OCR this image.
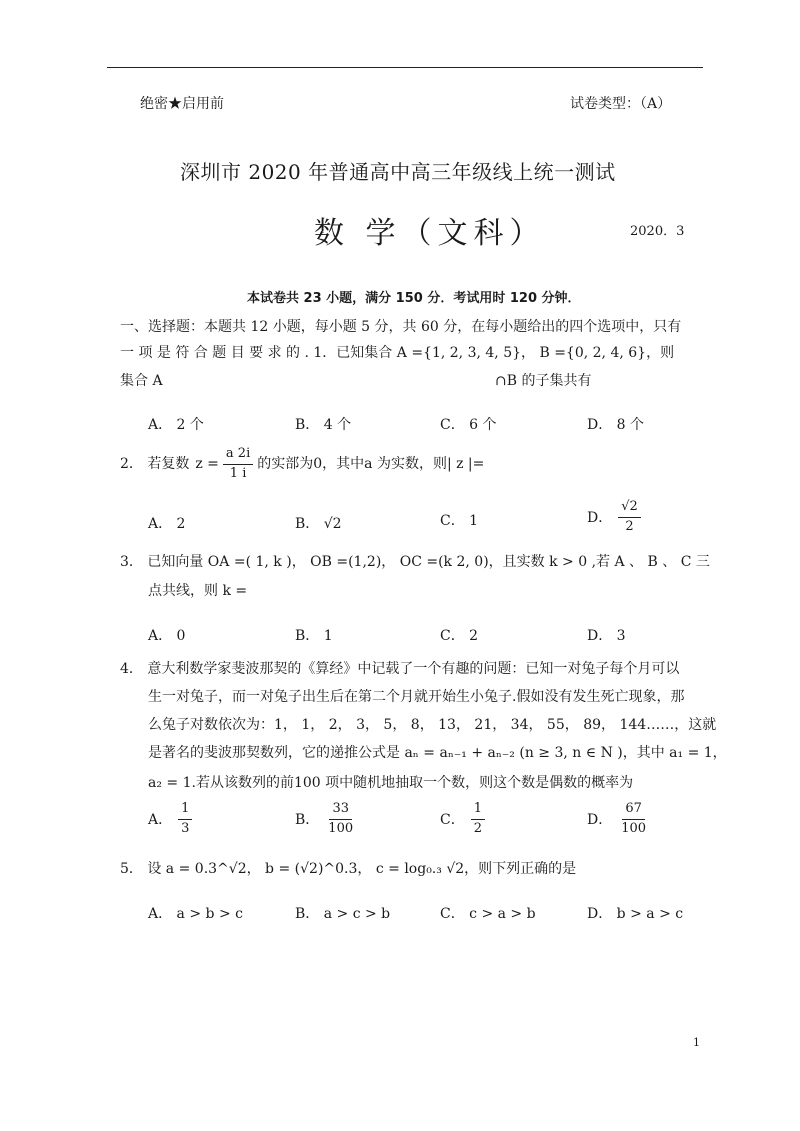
绝密★启用前	试卷类型：（A）
深圳市 2020 年普通高中高三年级线上统一测试
数 学（文科）	2020．3
本试卷共 23 小题，满分 150 分．考试用时 120 分钟．
一、选择题：本题共 12 小题，每小题 5 分，共 60 分，在每小题给出的四个选项中，只有
一 项 是 符 合 题 目 要 求 的 . 1．已知集合 A ={1, 2, 3, 4, 5}， B ={0, 2, 4, 6}，则
集合 A	∩B 的子集共有
A． 2 个	B． 4 个	C． 6 个	D． 8 个
2． 若复数 $z = \frac{a 2i}{1 i}$ 的实部为0，其中a 为实数，则| z |=
A． 2	B． √2	C． 1	D． $\frac{√2}{2}$
3． 已知向量 OA =( 1, k )， OB =(1,2)， OC =(k 2, 0)，且实数 k > 0 ,若 A 、 B 、 C 三
点共线，则 k =
A． 0	B． 1	C． 2	D． 3
4． 意大利数学家斐波那契的《算经》中记载了一个有趣的问题：已知一对兔子每个月可以
生一对兔子，而一对兔子出生后在第二个月就开始生小兔子.假如没有发生死亡现象，那
么兔子对数依次为：1， 1， 2， 3， 5， 8， 13， 21， 34， 55， 89， 144……，这就
是著名的斐波那契数列，它的递推公式是 aₙ = aₙ₋₁ + aₙ₋₂ (n ≥ 3, n ∈ N )，其中 a₁ = 1，
a₂ = 1.若从该数列的前100 项中随机地抽取一个数，则这个数是偶数的概率为
A． $\frac{1}{3}$	B． $\frac{33}{100}$	C． $\frac{1}{2}$	D． $\frac{67}{100}$
5． 设 a = 0.3^√2， b = (√2)^0.3， c = log₀.₃ √2，则下列正确的是
A． a > b > c	B． a > c > b	C． c > a > b	D． b > a > c
1
